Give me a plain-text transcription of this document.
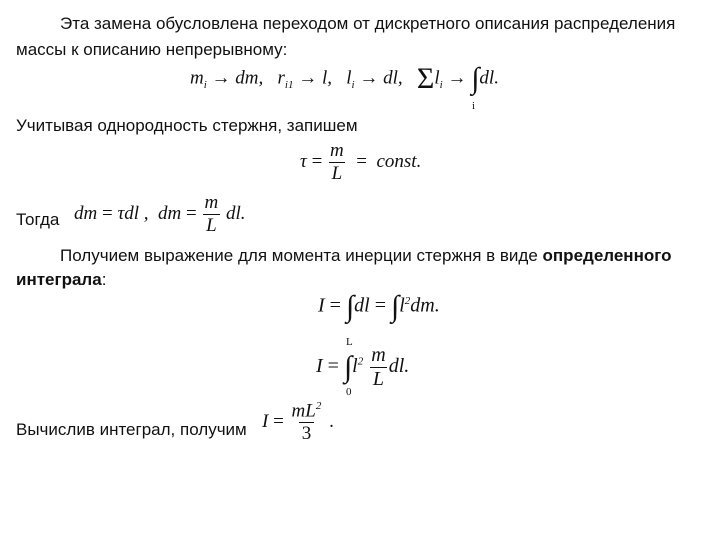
Эта замена обусловлена переходом от дискретного описания распределения
массы к описанию непрерывному:
$m_i$ → dm,   $r_{i1} \to l$,   $l_i$ → dl,   $\Sigma l_i \to \int dl$.
i
Учитывая однородность стержня, запишем
$\tau = \frac{m}{L}$ =  const.
Тогда dm = τdl ,  dm = $\frac{m}{L}$ dl.
Получием выражение для момента инерции стержня в виде определенного
интеграла:
$I = \int dl = \int l^2dm$.
$I = \int l^2 \frac{m}{L}$ dl.
L
0
Вычислив интеграл, получим $I = \frac{mL^2}{3}$ .
